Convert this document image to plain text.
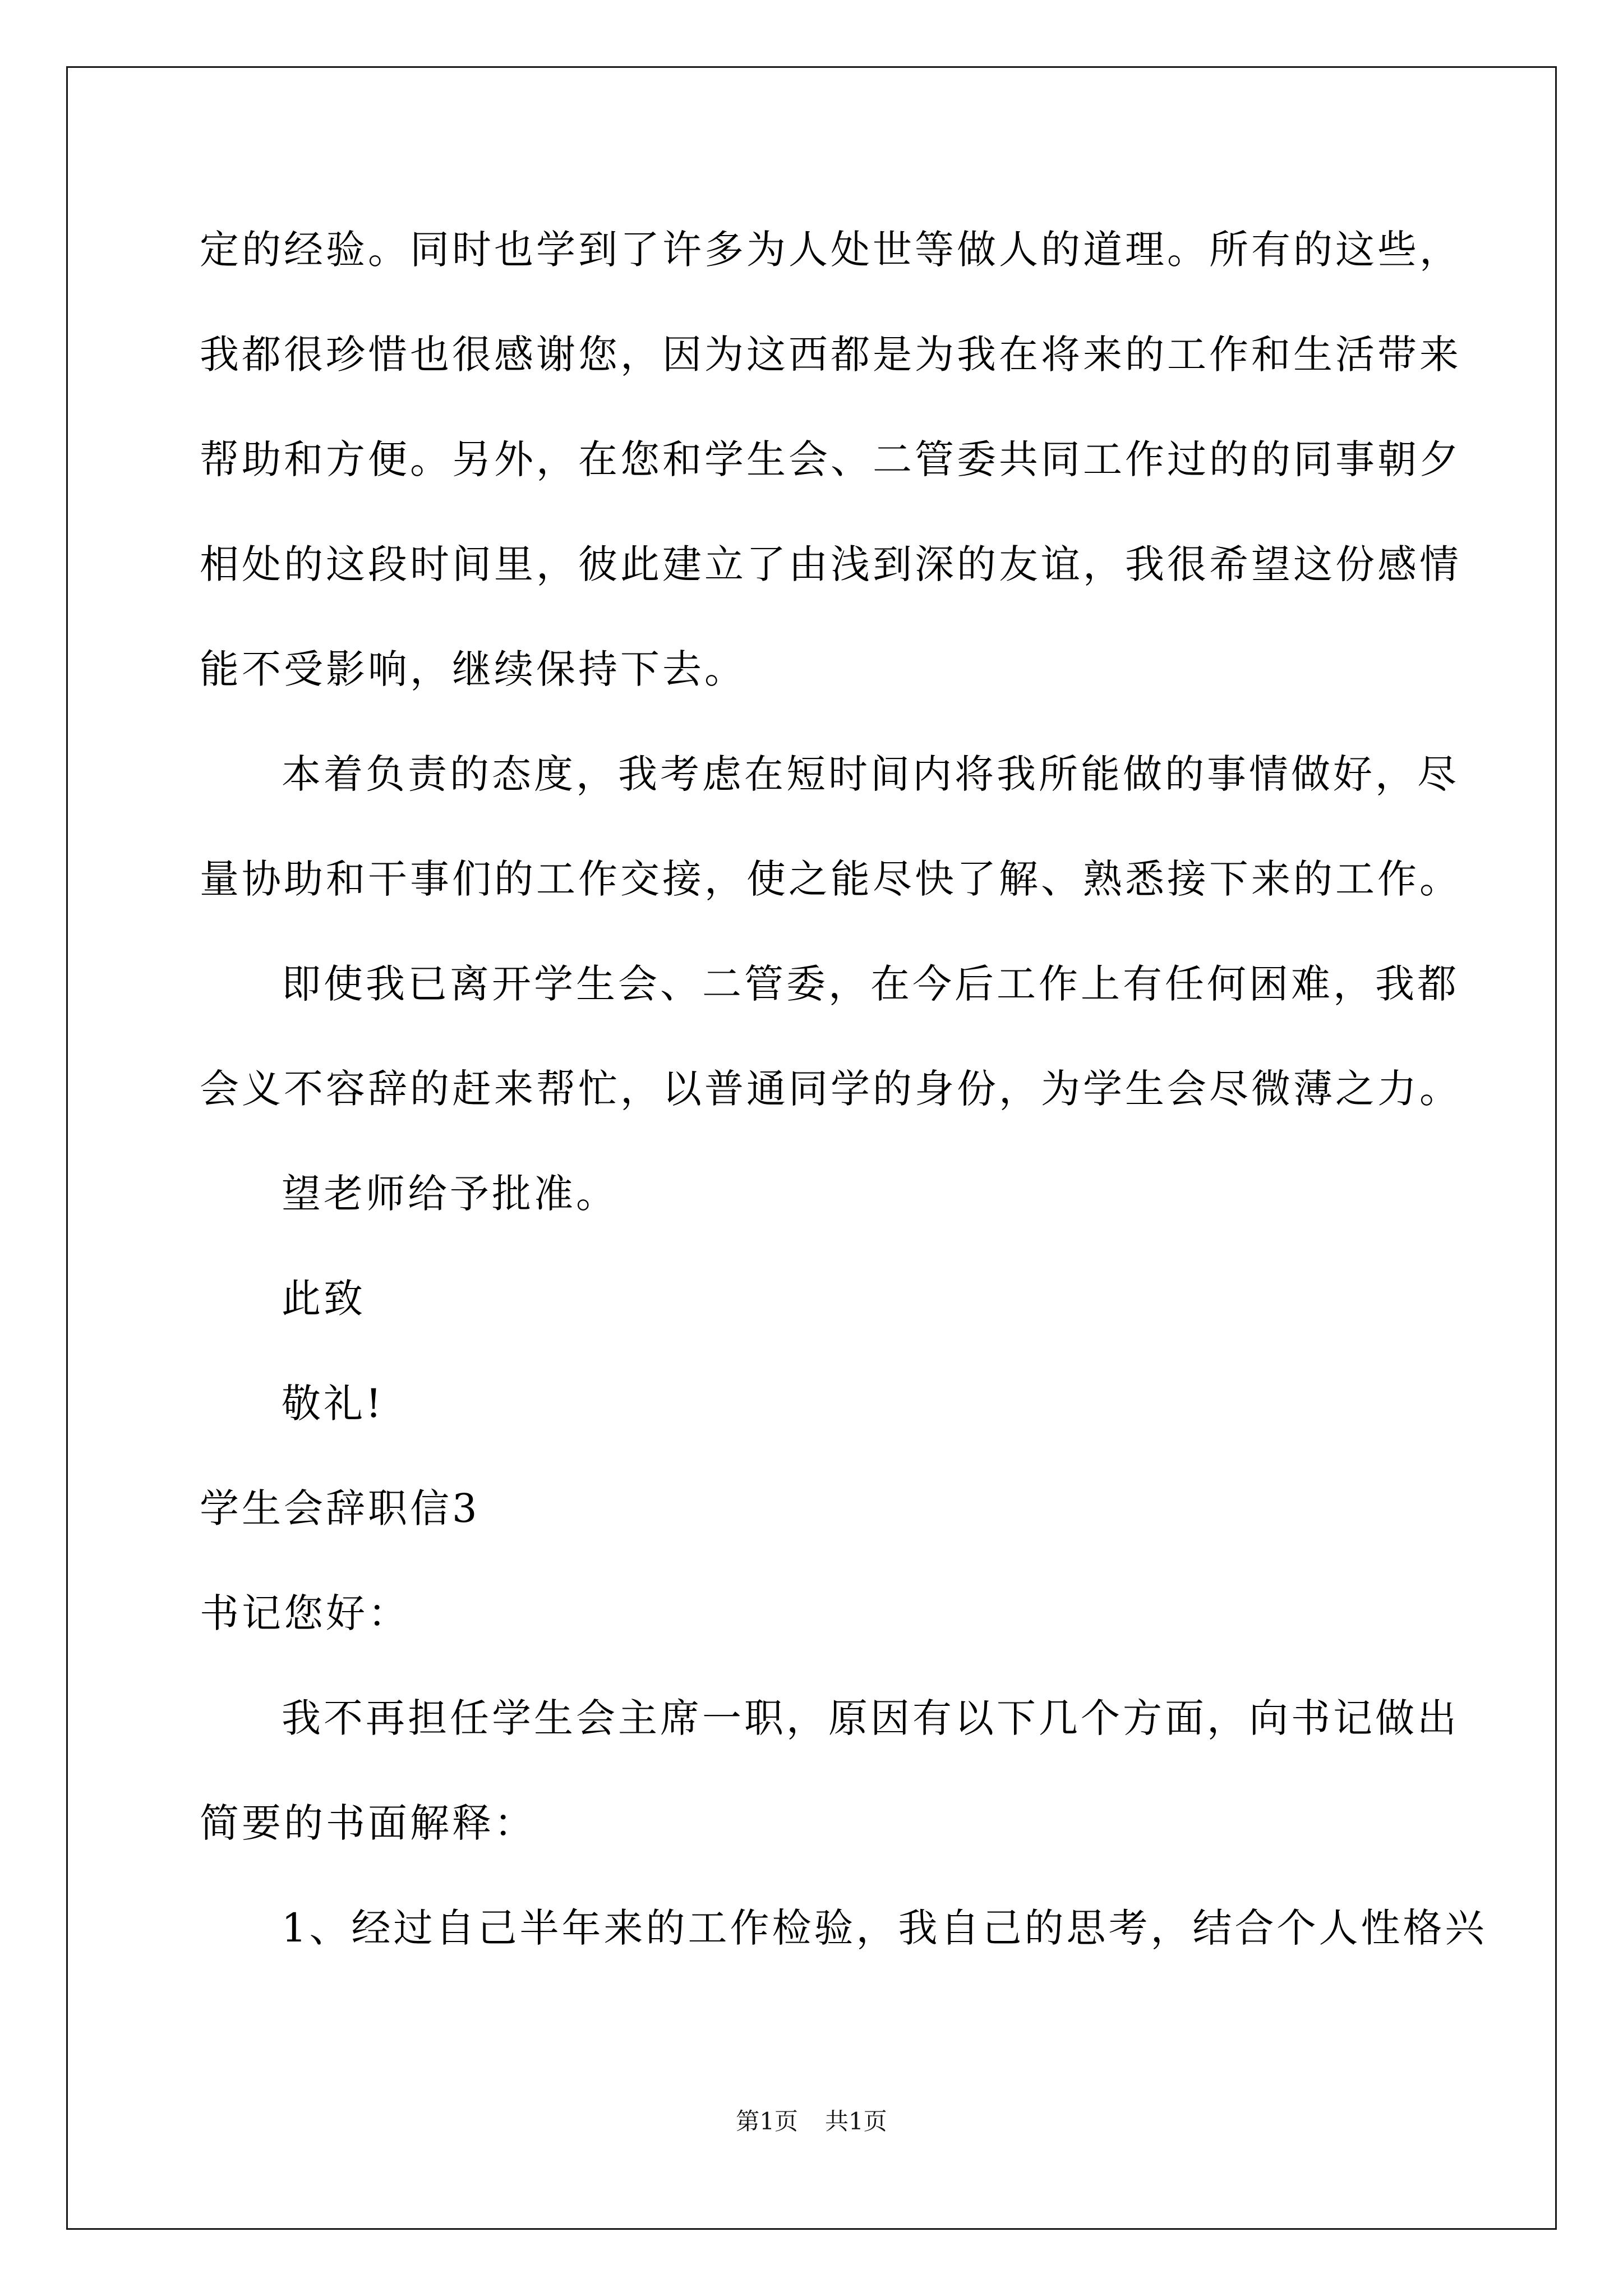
定的经验。同时也学到了许多为人处世等做人的道理。所有的这些，
我都很珍惜也很感谢您，因为这西都是为我在将来的工作和生活带来
帮助和方便。另外，在您和学生会、二管委共同工作过的的同事朝夕
相处的这段时间里，彼此建立了由浅到深的友谊，我很希望这份感情
能不受影响，继续保持下去。
本着负责的态度，我考虑在短时间内将我所能做的事情做好，尽
量协助和干事们的工作交接，使之能尽快了解、熟悉接下来的工作。
即使我已离开学生会、二管委，在今后工作上有任何困难，我都
会义不容辞的赶来帮忙，以普通同学的身份，为学生会尽微薄之力。
望老师给予批准。
此致
敬礼!
学生会辞职信3
书记您好：
我不再担任学生会主席一职，原因有以下几个方面，向书记做出
简要的书面解释：
1、经过自己半年来的工作检验，我自己的思考，结合个人性格兴
第1页 共1页
